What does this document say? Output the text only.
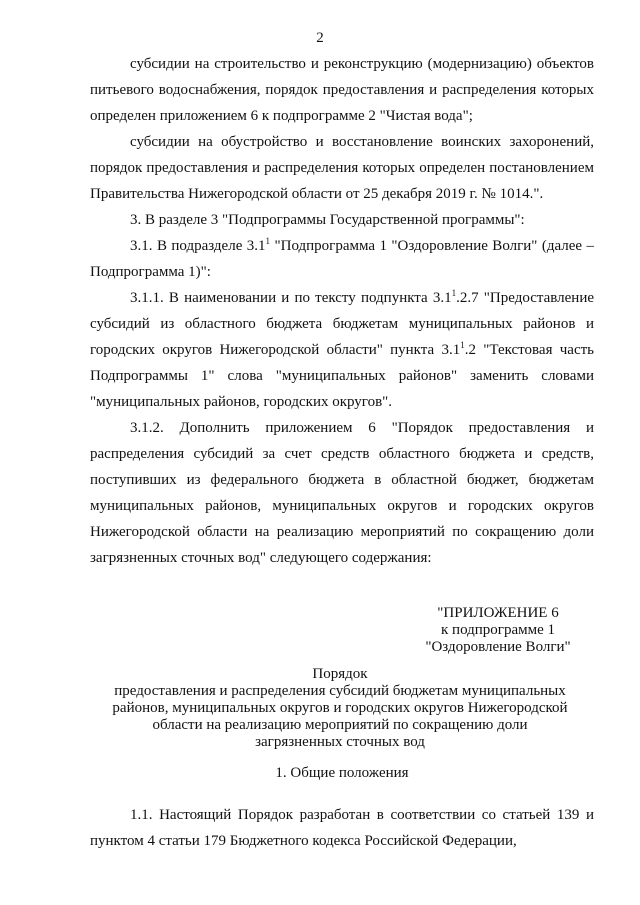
2

субсидии на строительство и реконструкцию (модернизацию) объектов питьевого водоснабжения, порядок предоставления и распределения которых определен приложением 6 к подпрограмме 2 "Чистая вода";

субсидии на обустройство и восстановление воинских захоронений, порядок предоставления и распределения которых определен постановлением Правительства Нижегородской области от 25 декабря 2019 г. № 1014.".

3. В разделе 3 "Подпрограммы Государственной программы":

3.1. В подразделе $3.1^1$ "Подпрограмма 1 "Оздоровление Волги" (далее – Подпрограмма 1)":

3.1.1. В наименовании и по тексту подпункта $3.1^1.2.7$ "Предоставление субсидий из областного бюджета бюджетам муниципальных районов и городских округов Нижегородской области" пункта $3.1^1.2$ "Текстовая часть Подпрограммы 1" слова "муниципальных районов" заменить словами "муниципальных районов, городских округов".

3.1.2. Дополнить приложением 6 "Порядок предоставления и распределения субсидий за счет средств областного бюджета и средств, поступивших из федерального бюджета в областной бюджет, бюджетам муниципальных районов, муниципальных округов и городских округов Нижегородской области на реализацию мероприятий по сокращению доли загрязненных сточных вод" следующего содержания:

"ПРИЛОЖЕНИЕ 6
к подпрограмме 1
"Оздоровление Волги"
Порядок
предоставления и распределения субсидий бюджетам муниципальных районов, муниципальных округов и городских округов Нижегородской области на реализацию мероприятий по сокращению доли загрязненных сточных вод
1. Общие положения

1.1. Настоящий Порядок разработан в соответствии со статьей 139 и пунктом 4 статьи 179 Бюджетного кодекса Российской Федерации,
